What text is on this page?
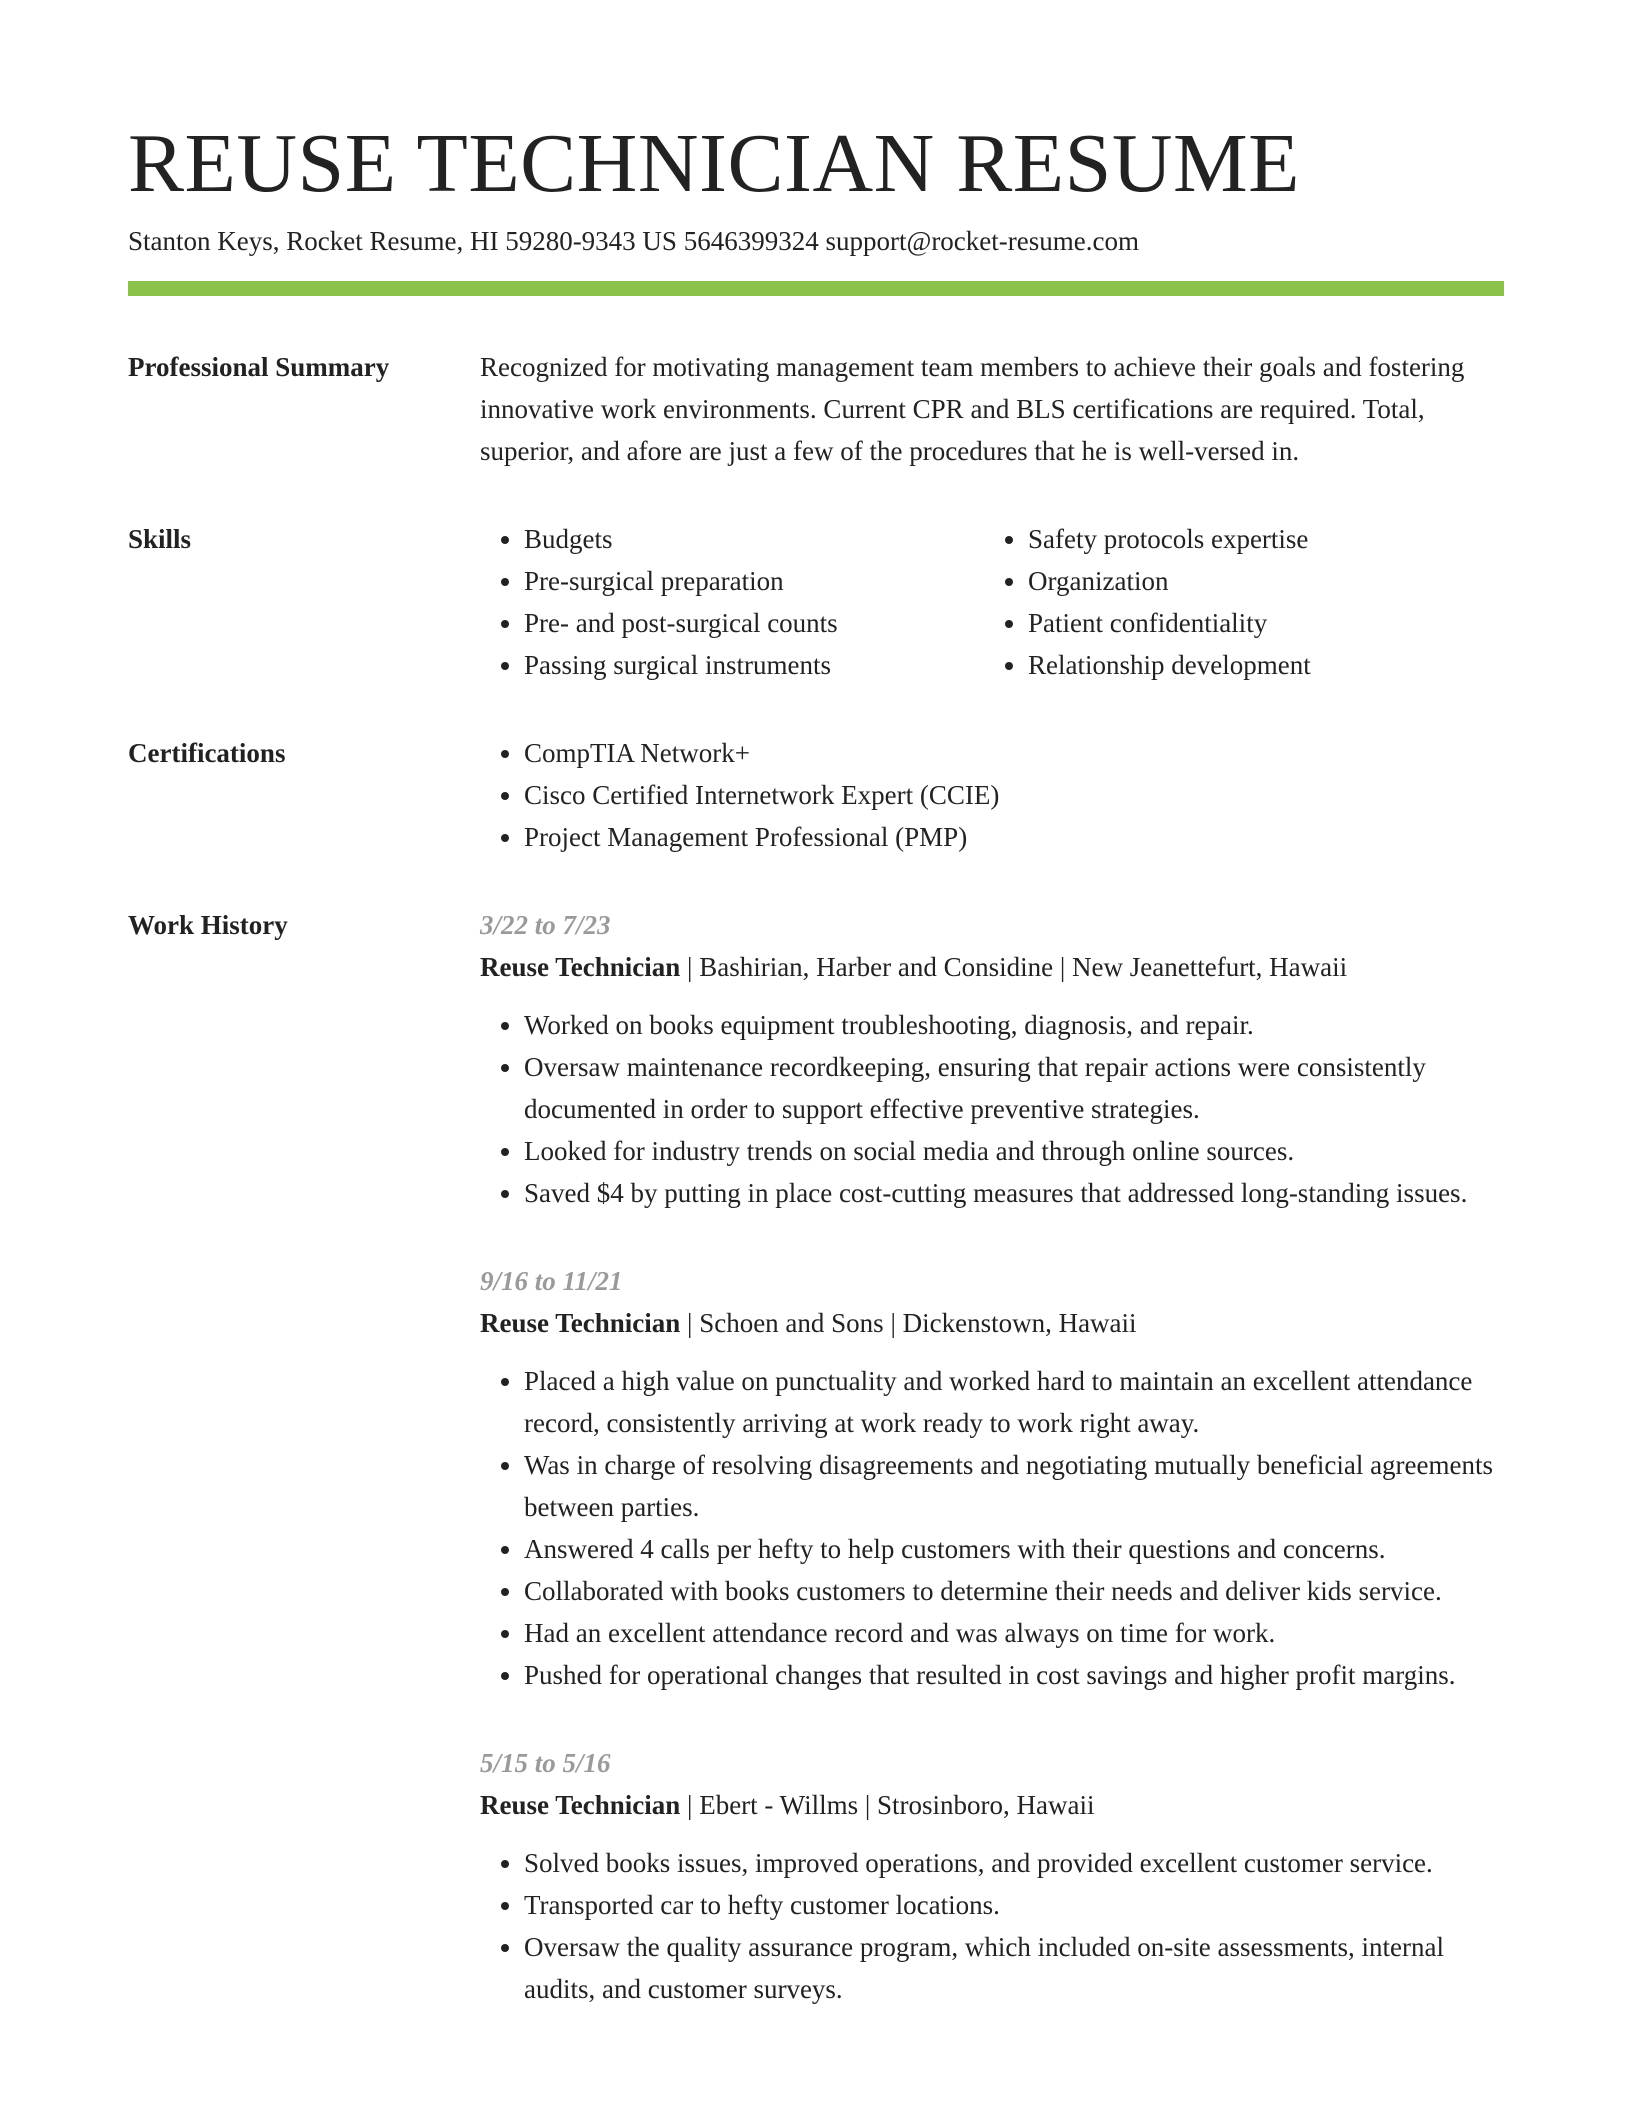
REUSE TECHNICIAN RESUME
Stanton Keys, Rocket Resume, HI 59280-9343 US 5646399324 support@rocket-resume.com
Professional Summary	Recognized for motivating management team members to achieve their goals and fostering innovative work environments. Current CPR and BLS certifications are required. Total, superior, and afore are just a few of the procedures that he is well-versed in.

Skills	• Budgets
• Pre-surgical preparation
• Pre- and post-surgical counts
• Passing surgical instruments
• Safety protocols expertise
• Organization
• Patient confidentiality
• Relationship development
Certifications	• CompTIA Network+
• Cisco Certified Internetwork Expert (CCIE)
• Project Management Professional (PMP)
Work History	3/22 to 7/23
Reuse Technician | Bashirian, Harber and Considine | New Jeanettefurt, Hawaii
• Worked on books equipment troubleshooting, diagnosis, and repair.
• Oversaw maintenance recordkeeping, ensuring that repair actions were consistently documented in order to support effective preventive strategies.
• Looked for industry trends on social media and through online sources.
• Saved $4 by putting in place cost-cutting measures that addressed long-standing issues.
9/16 to 11/21
Reuse Technician | Schoen and Sons | Dickenstown, Hawaii
• Placed a high value on punctuality and worked hard to maintain an excellent attendance record, consistently arriving at work ready to work right away.
• Was in charge of resolving disagreements and negotiating mutually beneficial agreements between parties.
• Answered 4 calls per hefty to help customers with their questions and concerns.
• Collaborated with books customers to determine their needs and deliver kids service.
• Had an excellent attendance record and was always on time for work.
• Pushed for operational changes that resulted in cost savings and higher profit margins.
5/15 to 5/16
Reuse Technician | Ebert - Willms | Strosinboro, Hawaii
• Solved books issues, improved operations, and provided excellent customer service.
• Transported car to hefty customer locations.
• Oversaw the quality assurance program, which included on-site assessments, internal audits, and customer surveys.
